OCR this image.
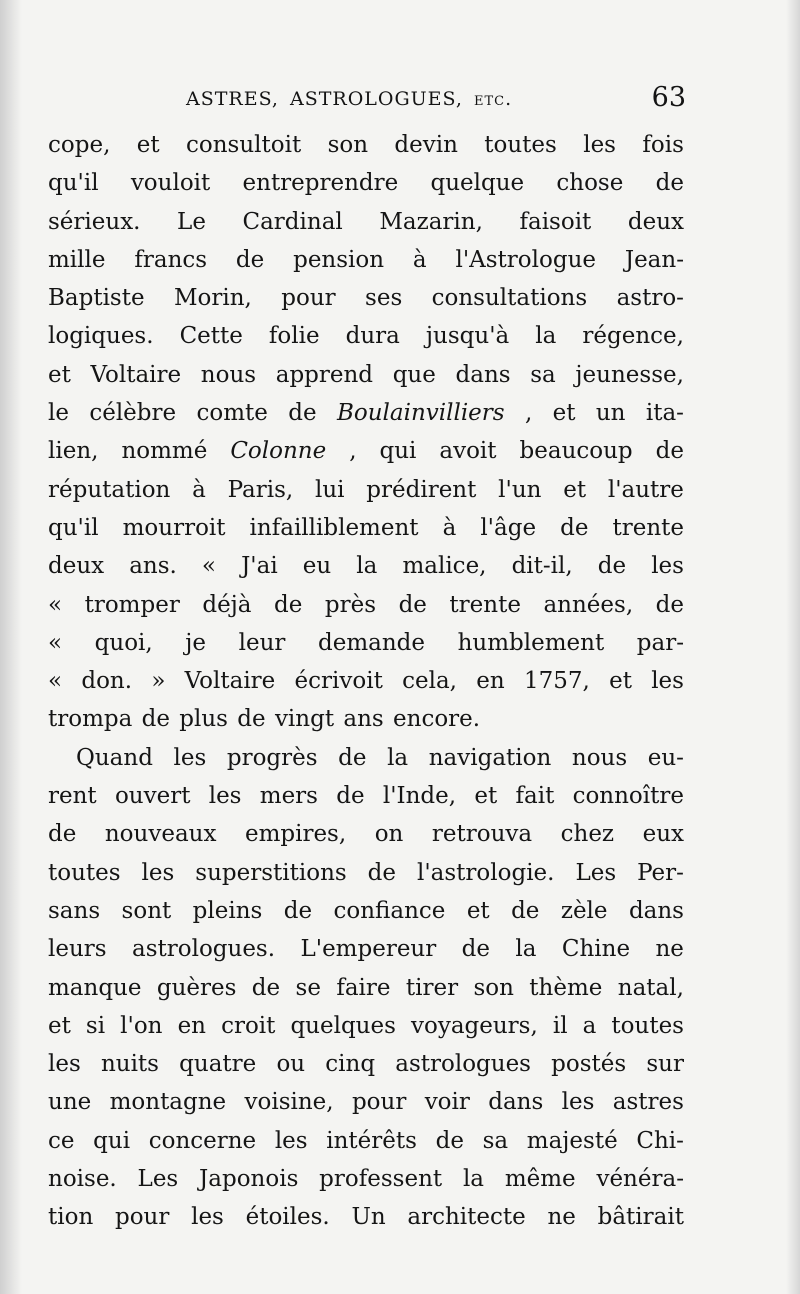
ASTRES, ASTROLOGUES, etc.	63
cope, et consultoit son devin toutes les fois
qu'il vouloit entreprendre quelque chose de
sérieux. Le Cardinal Mazarin, faisoit deux
mille francs de pension à l'Astrologue Jean-
Baptiste Morin, pour ses consultations astro-
logiques. Cette folie dura jusqu'à la régence,
et Voltaire nous apprend que dans sa jeunesse,
le célèbre comte de Boulainvilliers , et un ita-
lien, nommé Colonne , qui avoit beaucoup de
réputation à Paris, lui prédirent l'un et l'autre
qu'il mourroit infailliblement à l'âge de trente
deux ans. « J'ai eu la malice, dit-il, de les
« tromper déjà de près de trente années, de
« quoi, je leur demande humblement par-
« don. » Voltaire écrivoit cela, en 1757, et les
trompa de plus de vingt ans encore.
Quand les progrès de la navigation nous eu-
rent ouvert les mers de l'Inde, et fait connoître
de nouveaux empires, on retrouva chez eux
toutes les superstitions de l'astrologie. Les Per-
sans sont pleins de confiance et de zèle dans
leurs astrologues. L'empereur de la Chine ne
manque guères de se faire tirer son thème natal,
et si l'on en croit quelques voyageurs, il a toutes
les nuits quatre ou cinq astrologues postés sur
une montagne voisine, pour voir dans les astres
ce qui concerne les intérêts de sa majesté Chi-
noise. Les Japonois professent la même vénéra-
tion pour les étoiles. Un architecte ne bâtirait
